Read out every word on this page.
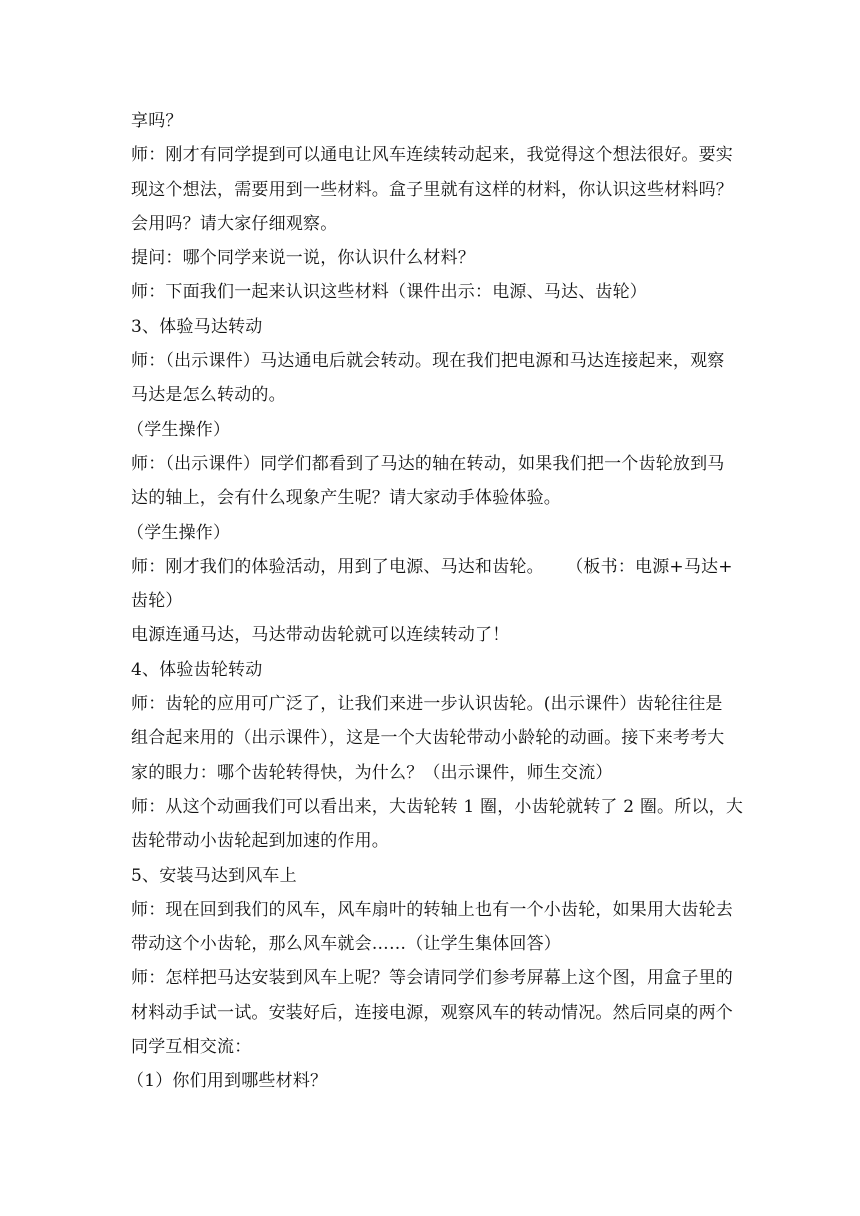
享吗？
师：刚才有同学提到可以通电让风车连续转动起来，我觉得这个想法很好。要实
现这个想法，需要用到一些材料。盒子里就有这样的材料，你认识这些材料吗？
会用吗？请大家仔细观察。
提问：哪个同学来说一说，你认识什么材料？
师：下面我们一起来认识这些材料（课件出示：电源、马达、齿轮）
3、体验马达转动
师：（出示课件）马达通电后就会转动。现在我们把电源和马达连接起来，观察
马达是怎么转动的。
（学生操作）
师：（出示课件）同学们都看到了马达的轴在转动，如果我们把一个齿轮放到马
达的轴上，会有什么现象产生呢？请大家动手体验体验。
（学生操作）
师：刚才我们的体验活动，用到了电源、马达和齿轮。    （板书：电源+马达+
齿轮）
电源连通马达，马达带动齿轮就可以连续转动了！
4、体验齿轮转动
师：齿轮的应用可广泛了，让我们来进一步认识齿轮。(出示课件）齿轮往往是
组合起来用的（出示课件），这是一个大齿轮带动小龄轮的动画。接下来考考大
家的眼力：哪个齿轮转得快，为什么？（出示课件，师生交流）
师：从这个动画我们可以看出来，大齿轮转 1 圈，小齿轮就转了 2 圈。所以，大
齿轮带动小齿轮起到加速的作用。
5、安装马达到风车上
师：现在回到我们的风车，风车扇叶的转轴上也有一个小齿轮，如果用大齿轮去
带动这个小齿轮，那么风车就会……（让学生集体回答）
师：怎样把马达安装到风车上呢？等会请同学们参考屏幕上这个图，用盒子里的
材料动手试一试。安装好后，连接电源，观察风车的转动情况。然后同桌的两个
同学互相交流：
（1）你们用到哪些材料？
